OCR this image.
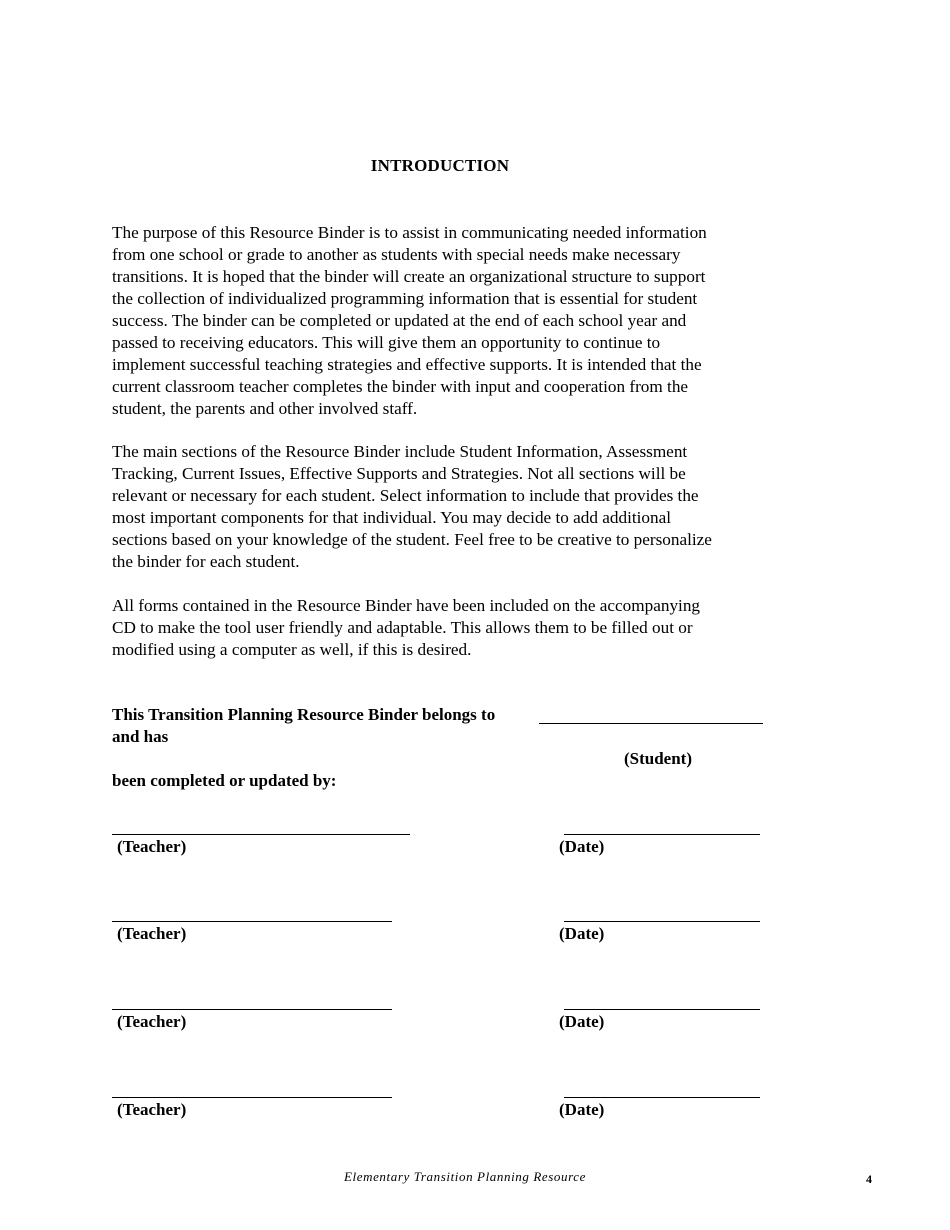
INTRODUCTION
The purpose of this Resource Binder is to assist in communicating needed information
from one school or grade to another as students with special needs make necessary
transitions. It is hoped that the binder will create an organizational structure to support
the collection of individualized programming information that is essential for student
success. The binder can be completed or updated at the end of each school year and
passed to receiving educators. This will give them an opportunity to continue to
implement successful teaching strategies and effective supports. It is intended that the
current classroom teacher completes the binder with input and cooperation from the
student, the parents and other involved staff.
The main sections of the Resource Binder include Student Information, Assessment
Tracking, Current Issues, Effective Supports and Strategies. Not all sections will be
relevant or necessary for each student. Select information to include that provides the
most important components for that individual. You may decide to add additional
sections based on your knowledge of the student. Feel free to be creative to personalize
the binder for each student.
All forms contained in the Resource Binder have been included on the accompanying
CD to make the tool user friendly and adaptable. This allows them to be filled out or
modified using a computer as well, if this is desired.
This Transition Planning Resource Binder belongs to
and has
(Student)
been completed or updated by:
(Teacher)	(Date)
(Teacher)	(Date)
(Teacher)	(Date)
(Teacher)	(Date)
Elementary Transition Planning Resource	4
